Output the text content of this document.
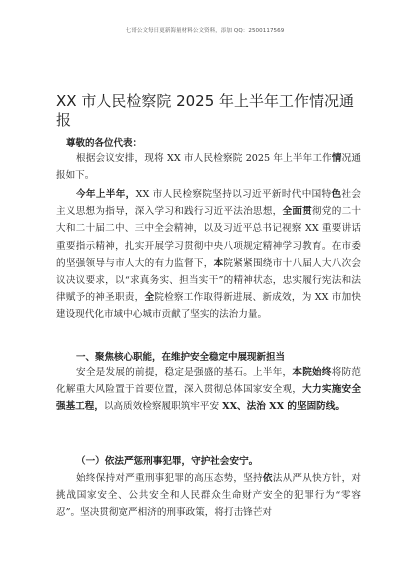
七哥公文每日更新海量材料公文资料，添加 QQ：2500117569
XX 市人民检察院 2025 年上半年工作情况通报
尊敬的各位代表：

根据会议安排，现将 XX 市人民检察院 2025 年上半年工作情况通报如下。

今年上半年，XX 市人民检察院坚持以习近平新时代中国特色社会主义思想为指导，深入学习和践行习近平法治思想，全面贯彻党的二十大和二十届二中、三中全会精神，以及习近平总书记视察 XX 重要讲话重要指示精神，扎实开展学习贯彻中央八项规定精神学习教育。在市委的坚强领导与市人大的有力监督下，本院紧紧围绕市十八届人大八次会议决议要求，以“求真务实、担当实干”的精神状态，忠实履行宪法和法律赋予的神圣职责，全院检察工作取得新进展、新成效，为 XX 市加快建设现代化市域中心城市贡献了坚实的法治力量。

一、聚焦核心职能，在维护安全稳定中展现新担当

安全是发展的前提，稳定是强盛的基石。上半年，本院始终将防范化解重大风险置于首要位置，深入贯彻总体国家安全观，大力实施安全强基工程，以高质效检察履职筑牢平安 XX、法治 XX 的坚固防线。

（一）依法严惩刑事犯罪，守护社会安宁。

始终保持对严重刑事犯罪的高压态势，坚持依法从严从快方针，对挑战国家安全、公共安全和人民群众生命财产安全的犯罪行为“零容忍”。坚决贯彻宽严相济的刑事政策，将打击锋芒对
